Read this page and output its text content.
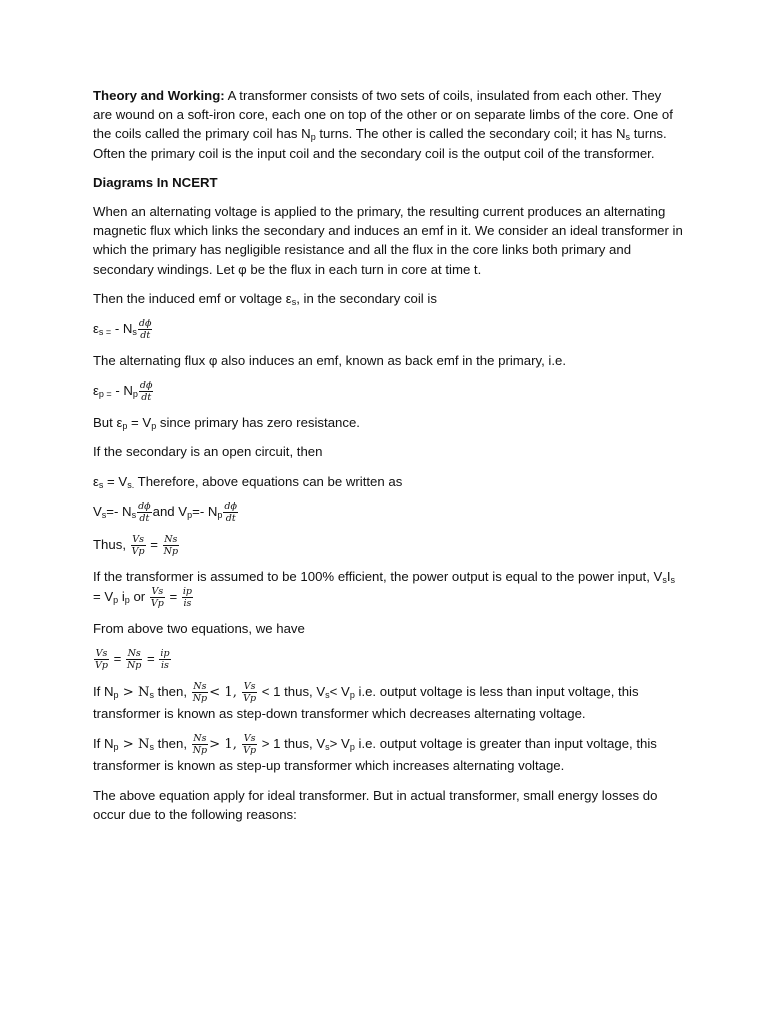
Theory and Working: A transformer consists of two sets of coils, insulated from each other. They are wound on a soft-iron core, each one on top of the other or on separate limbs of the core. One of the coils called the primary coil has $N_p$ turns. The other is called the secondary coil; it has $N_s$ turns. Often the primary coil is the input coil and the secondary coil is the output coil of the transformer.

Diagrams In NCERT

When an alternating voltage is applied to the primary, the resulting current produces an alternating magnetic flux which links the secondary and induces an emf in it. We consider an ideal transformer in which the primary has negligible resistance and all the flux in the core links both primary and secondary windings. Let φ be the flux in each turn in core at time t.

Then the induced emf or voltage $\varepsilon_s$, in the secondary coil is

$\varepsilon_{s =} - N_s \frac{d\phi}{dt}$

The alternating flux φ also induces an emf, known as back emf in the primary, i.e.

$\varepsilon_{p =} - N_p \frac{d\phi}{dt}$

But $\varepsilon_p = V_p$ since primary has zero resistance.

If the secondary is an open circuit, then

$\varepsilon_s = V_{s.}$ Therefore, above equations can be written as

$V_s=-$ $N_s \frac{d\phi}{dt}$ and $V_p=-$ $N_p \frac{d\phi}{dt}$
Thus, $\frac{Vs}{Vp} = \frac{Ns}{Np}$

If the transformer is assumed to be 100% efficient, the power output is equal to the power input, $V_sI_s = V_p$ $i_p$ or $\frac{Vs}{Vp} = \frac{ip}{is}$

From above two equations, we have

$\frac{Vs}{Vp} = \frac{Ns}{Np} = \frac{ip}{is}$

If $N_p > N_s$ then, $\frac{Ns}{Np} < 1$, $\frac{Vs}{Vp} < 1$ thus, $V_s< V_p$ i.e. output voltage is less than input voltage, this transformer is known as step-down transformer which decreases alternating voltage.

If $N_p > N_s$ then, $\frac{Ns}{Np} > 1$, $\frac{Vs}{Vp} > 1$ thus, $V_s> V_p$ i.e. output voltage is greater than input voltage, this transformer is known as step-up transformer which increases alternating voltage.

The above equation apply for ideal transformer. But in actual transformer, small energy losses do occur due to the following reasons:
